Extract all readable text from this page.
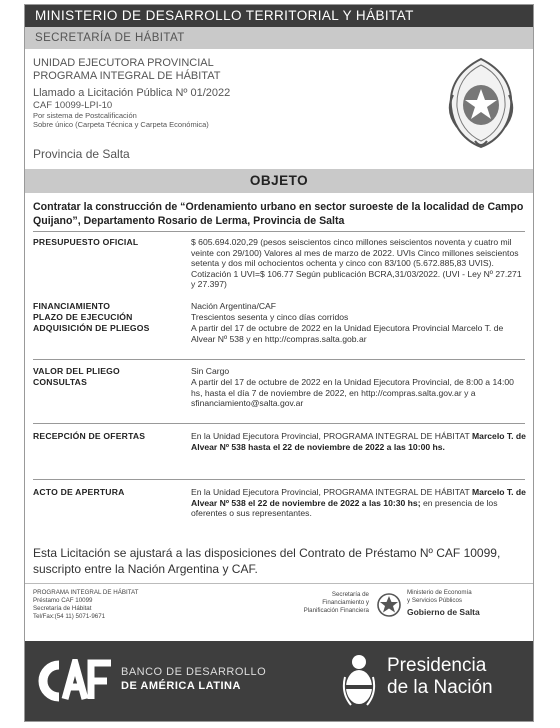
MINISTERIO DE DESARROLLO TERRITORIAL Y HÁBITAT
SECRETARÍA DE HÁBITAT
UNIDAD EJECUTORA PROVINCIAL
PROGRAMA INTEGRAL DE HÁBITAT
Llamado a Licitación Pública Nº 01/2022
CAF 10099-LPI-10
Por sistema de Postcalificación
Sobre único (Carpeta Técnica y Carpeta Económica)
Provincia de Salta
OBJETO
Contratar la construcción de “Ordenamiento urbano en sector suroeste de la localidad de Campo Quijano”, Departamento Rosario de Lerma, Provincia de Salta
PRESUPUESTO OFICIAL	$ 605.694.020,29 (pesos seiscientos cinco millones seiscientos noventa y cuatro mil veinte con 29/100) Valores al mes de marzo de 2022. UVIs Cinco millones seiscientos setenta y dos mil ochocientos ochenta y cinco con 83/100 (5.672.885,83 UVIS). Cotización 1 UVI=$ 106.77 Según publicación BCRA,31/03/2022. (UVI - Ley Nº 27.271 y 27.397)
FINANCIAMIENTO	Nación Argentina/CAF
PLAZO DE EJECUCIÓN	Trescientos sesenta y cinco días corridos
ADQUISICIÓN DE PLIEGOS	A partir del 17 de octubre de 2022 en la Unidad Ejecutora Provincial Marcelo T. de Alvear Nº 538 y en http://compras.salta.gob.ar
VALOR DEL PLIEGO	Sin Cargo
CONSULTAS	A partir del 17 de octubre de 2022 en la Unidad Ejecutora Provincial, de 8:00 a 14:00 hs, hasta el día 7 de noviembre de 2022, en http://compras.salta.gov.ar y a sfinanciamiento@salta.gov.ar
RECEPCIÓN DE OFERTAS	En la Unidad Ejecutora Provincial, PROGRAMA INTEGRAL DE HÁBITAT Marcelo T. de Alvear Nº 538 hasta el 22 de noviembre de 2022 a las 10:00 hs.
ACTO DE APERTURA	En la Unidad Ejecutora Provincial, PROGRAMA INTEGRAL DE HÁBITAT Marcelo T. de Alvear Nº 538 el 22 de noviembre de 2022 a las 10:30 hs; en presencia de los oferentes o sus representantes.
Esta Licitación se ajustará a las disposiciones del Contrato de Préstamo Nº CAF 10099, suscripto entre la Nación Argentina y CAF.
PROGRAMA INTEGRAL DE HÁBITAT
Préstamo CAF 10099
Secretaría de Hábitat
Tel/Fax:(54 11) 5071-9671
Secretaría de
Financiamiento y
Planificación Financiera
Ministerio de Economía
y Servicios Públicos
Gobierno de Salta
BANCO DE DESARROLLO
DE AMÉRICA LATINA
Presidencia
de la Nación
